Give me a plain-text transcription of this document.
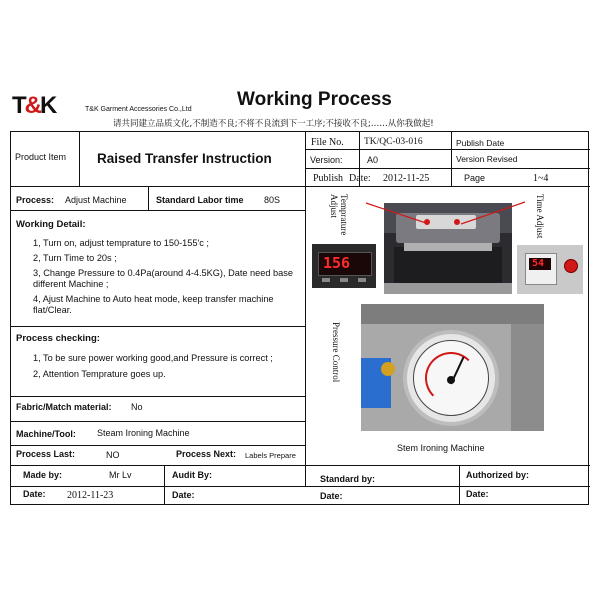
T&K	T&K Garment Accessories Co.,Ltd Working Process
请共同建立品质文化,不制造不良;不将不良流到下一工序;不接收不良;……从你我做起!
Product Item Raised Transfer Instruction
File No. TK/QC-03-016	Publish Date
Version:	A0	Version Revised
Publish Date: 2012-11-25	Page	1~4
Process: Adjust Machine	Standard Labor time 80S
Working Detail:
1, Turn on, adjust temprature to 150-155'c ;
2, Turn Time to 20s ;
3, Change Pressure to 0.4Pa(around 4-4.5KG), Date need base different Machine ;
4, Ajust Machine to Auto heat mode, keep transfer machine flat/Clear.
Process checking:
1, To be sure power working good,and Pressure is correct ;
2, Attention Temprature goes up.
Fabric/Match material: No
Machine/Tool: Steam Ironing Machine
Process Last:	NO	Process Next: Labels Prepare
Made by:	Mr Lv
Date: 2012-11-23
Audit By:
Date:
Standard by:
Date:
Authorized by:
Date:
Temprature Adjust	Time Adjust
Pressure Control
156	54
Stem Ironing Machine
